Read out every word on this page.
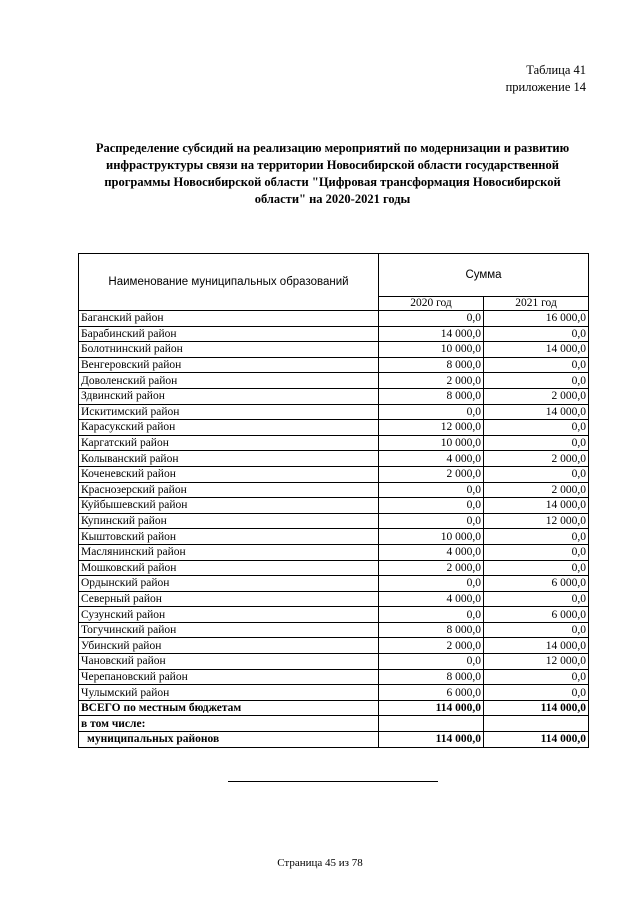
Таблица 41
приложение 14
Распределение субсидий на реализацию мероприятий по модернизации и развитию инфраструктуры связи на территории Новосибирской области государственной программы Новосибирской области "Цифровая трансформация Новосибирской области" на 2020-2021 годы
Наименование муниципальных образований	Сумма	
	2020 год	2021 год
Баганский район	0,0	16 000,0
Барабинский район	14 000,0	0,0
Болотнинский район	10 000,0	14 000,0
Венгеровский район	8 000,0	0,0
Доволенский район	2 000,0	0,0
Здвинский район	8 000,0	2 000,0
Искитимский район	0,0	14 000,0
Карасукский район	12 000,0	0,0
Каргатский район	10 000,0	0,0
Колыванский район	4 000,0	2 000,0
Коченевский район	2 000,0	0,0
Краснозерский район	0,0	2 000,0
Куйбышевский район	0,0	14 000,0
Купинский район	0,0	12 000,0
Кыштовский район	10 000,0	0,0
Маслянинский район	4 000,0	0,0
Мошковский район	2 000,0	0,0
Ордынский район	0,0	6 000,0
Северный район	4 000,0	0,0
Сузунский район	0,0	6 000,0
Тогучинский район	8 000,0	0,0
Убинский район	2 000,0	14 000,0
Чановский район	0,0	12 000,0
Черепановский район	8 000,0	0,0
Чулымский район	6 000,0	0,0
ВСЕГО по местным бюджетам	114 000,0	114 000,0
в том числе:		
муниципальных районов	114 000,0	114 000,0
Страница 45 из 78
